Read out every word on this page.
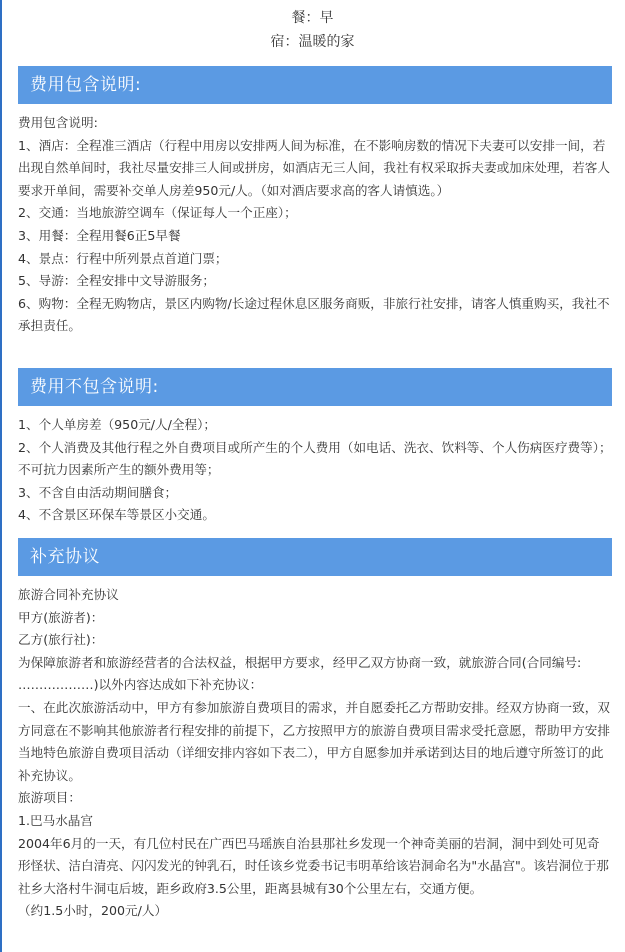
餐：早
宿：温暖的家
费用包含说明:

费用包含说明:

1、酒店：全程准三酒店（行程中用房以安排两人间为标准，在不影响房数的情况下夫妻可以安排一间，若出现自然单间时，我社尽量安排三人间或拼房，如酒店无三人间，我社有权采取拆夫妻或加床处理，若客人要求开单间，需要补交单人房差950元/人。（如对酒店要求高的客人请慎选。）

2、交通：当地旅游空调车（保证每人一个正座）；

3、用餐：全程用餐6正5早餐

4、景点：行程中所列景点首道门票；

5、导游：全程安排中文导游服务；

6、购物：全程无购物店，景区内购物/长途过程休息区服务商贩，非旅行社安排，请客人慎重购买，我社不承担责任。

费用不包含说明:

1、个人单房差（950元/人/全程）；

2、个人消费及其他行程之外自费项目或所产生的个人费用（如电话、洗衣、饮料等、个人伤病医疗费等）；不可抗力因素所产生的额外费用等；

3、不含自由活动期间膳食；

4、不含景区环保车等景区小交通。

补充协议

旅游合同补充协议

甲方(旅游者)：

乙方(旅行社)：

为保障旅游者和旅游经营者的合法权益，根据甲方要求，经甲乙双方协商一致，就旅游合同(合同编号: ………………)以外内容达成如下补充协议：

一、在此次旅游活动中，甲方有参加旅游自费项目的需求，并自愿委托乙方帮助安排。经双方协商一致，双方同意在不影响其他旅游者行程安排的前提下，乙方按照甲方的旅游自费项目需求受托意愿，帮助甲方安排当地特色旅游自费项目活动（详细安排内容如下表二），甲方自愿参加并承诺到达目的地后遵守所签订的此补充协议。

旅游项目：

1.巴马水晶宫

2004年6月的一天，有几位村民在广西巴马瑶族自治县那社乡发现一个神奇美丽的岩洞，洞中到处可见奇形怪状、洁白清亮、闪闪发光的钟乳石，时任该乡党委书记韦明革给该岩洞命名为"水晶宫"。该岩洞位于那社乡大洛村牛洞屯后坡，距乡政府3.5公里，距离县城有30个公里左右，交通方便。

（约1.5小时，200元/人）
